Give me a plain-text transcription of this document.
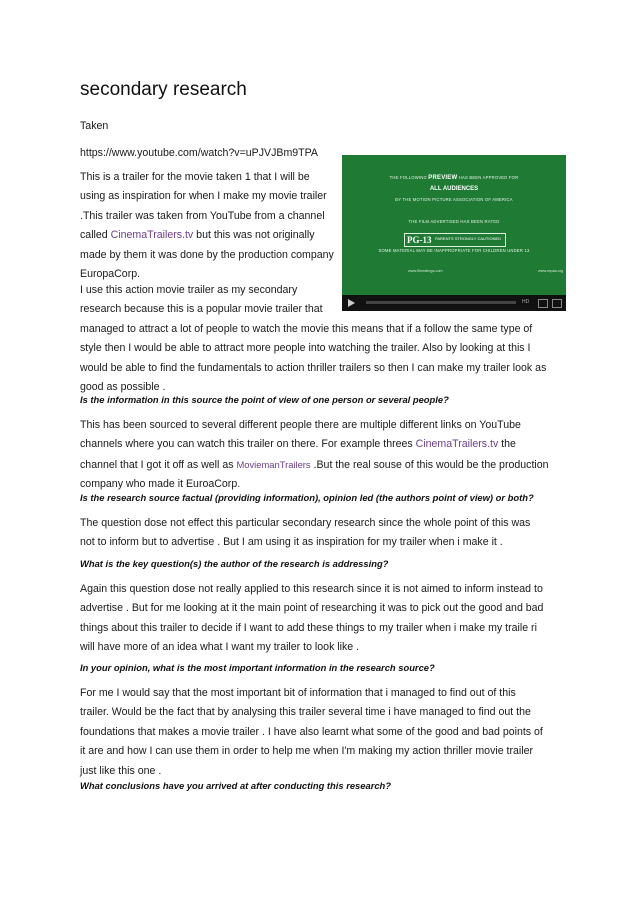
secondary research
Taken
https://www.youtube.com/watch?v=uPJVJBm9TPA
This is a trailer for the movie taken 1 that I will be
using as inspiration for when I make my movie trailer
.This trailer was taken from YouTube from a channel
called CinemaTrailers.tv but this was not originally
made by them it was done by the production company
EuropaCorp.
THE FOLLOWING PREVIEW HAS BEEN APPROVED FOR
ALL AUDIENCES
BY THE MOTION PICTURE ASSOCIATION OF AMERICA
THE FILM ADVERTISED HAS BEEN RATED
PG-13 PARENTS STRONGLY CAUTIONED
SOME MATERIAL MAY BE INAPPROPRIATE FOR CHILDREN UNDER 13
www.filmratings.com	www.mpaa.org
HD
I use this action movie trailer as my secondary
research because this is a popular movie trailer that
managed to attract a lot of people to watch the movie this means that if a follow the same type of
style then I would be able to attract more people into watching the trailer. Also by looking at this I
would be able to find the fundamentals to action thriller trailers so then I can make my trailer look as
good as possible .
Is the information in this source the point of view of one person or several people?
This has been sourced to several different people there are multiple different links on YouTube
channels where you can watch this trailer on there. For example threes CinemaTrailers.tv the
channel that I got it off as well as MoviemanTrailers .But the real souse of this would be the production
company who made it EuroaCorp.
Is the research source factual (providing information), opinion led (the authors point of view) or both?
The question dose not effect this particular secondary research since the whole point of this was
not to inform but to advertise . But I am using it as inspiration for my trailer when i make it .
What is the key question(s) the author of the research is addressing?
Again this question dose not really applied to this research since it is not aimed to inform instead to
advertise . But for me looking at it the main point of researching it was to pick out the good and bad
things about this trailer to decide if I want to add these things to my trailer when i make my traile ri
will have more of an idea what I want my trailer to look like .
In your opinion, what is the most important information in the research source?
For me I would say that the most important bit of information that i managed to find out of this
trailer. Would be the fact that by analysing this trailer several time i have managed to find out the
foundations that makes a movie trailer . I have also learnt what some of the good and bad points of
it are and how I can use them in order to help me when I'm making my action thriller movie trailer
just like this one .
What conclusions have you arrived at after conducting this research?
